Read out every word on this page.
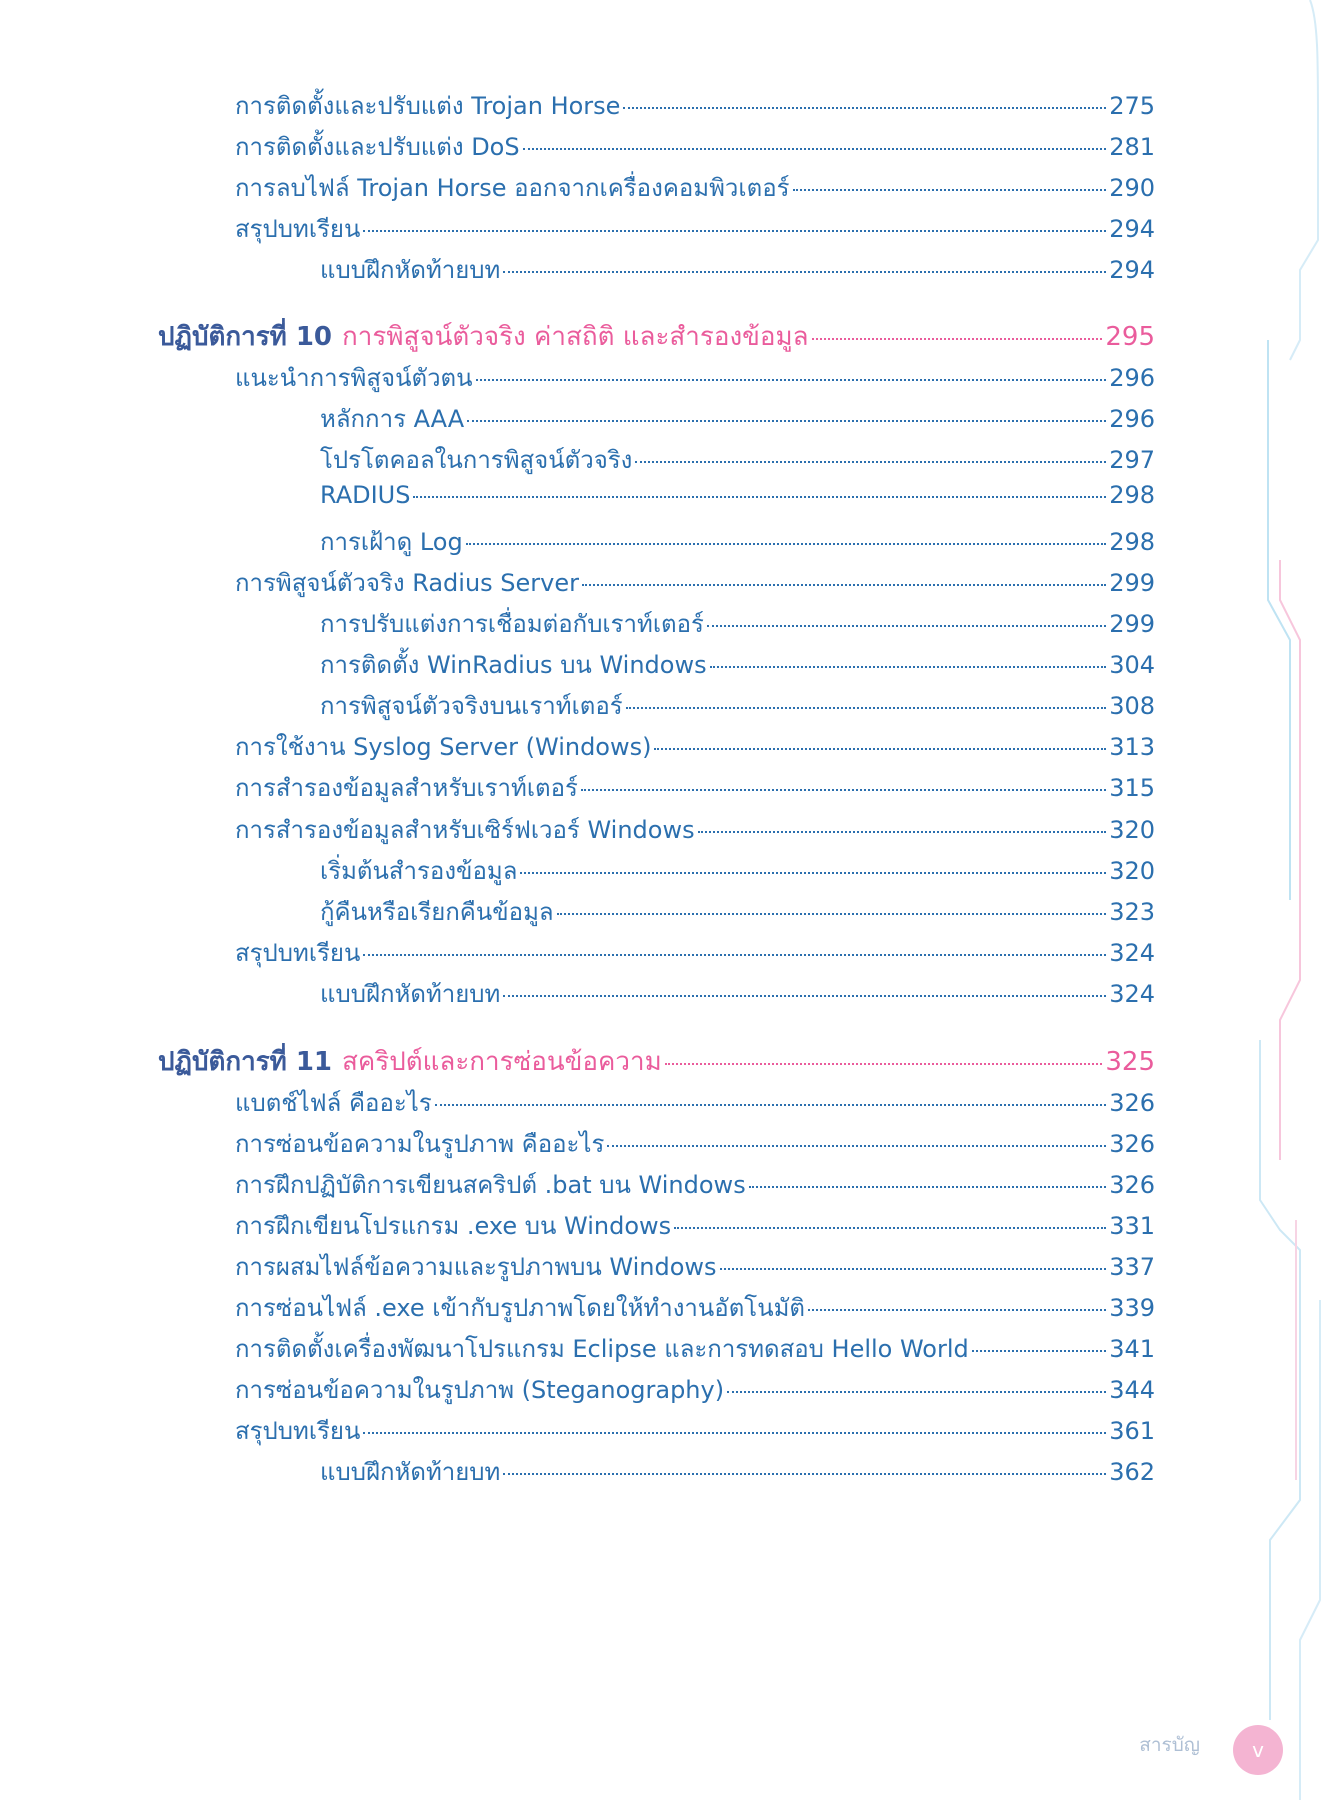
การติดตั้งและปรับแต่ง Trojan Horse	275
การติดตั้งและปรับแต่ง DoS	281
การลบไฟล์ Trojan Horse ออกจากเครื่องคอมพิวเตอร์	290
สรุปบทเรียน	294
แบบฝึกหัดท้ายบท	294
ปฏิบัติการที่ 10 การพิสูจน์ตัวจริง ค่าสถิติ และสำรองข้อมูล	295
แนะนำการพิสูจน์ตัวตน	296
หลักการ AAA	296
โปรโตคอลในการพิสูจน์ตัวจริง	297
RADIUS	298
การเฝ้าดู Log	298
การพิสูจน์ตัวจริง Radius Server	299
การปรับแต่งการเชื่อมต่อกับเราท์เตอร์	299
การติดตั้ง WinRadius บน Windows	304
การพิสูจน์ตัวจริงบนเราท์เตอร์	308
การใช้งาน Syslog Server (Windows)	313
การสำรองข้อมูลสำหรับเราท์เตอร์	315
การสำรองข้อมูลสำหรับเซิร์ฟเวอร์ Windows	320
เริ่มต้นสำรองข้อมูล	320
กู้คืนหรือเรียกคืนข้อมูล	323
สรุปบทเรียน	324
แบบฝึกหัดท้ายบท	324
ปฏิบัติการที่ 11 สคริปต์และการซ่อนข้อความ	325
แบตช์ไฟล์ คืออะไร	326
การซ่อนข้อความในรูปภาพ คืออะไร	326
การฝึกปฏิบัติการเขียนสคริปต์ .bat บน Windows	326
การฝึกเขียนโปรแกรม .exe บน Windows	331
การผสมไฟล์ข้อความและรูปภาพบน Windows	337
การซ่อนไฟล์ .exe เข้ากับรูปภาพโดยให้ทำงานอัตโนมัติ	339
การติดตั้งเครื่องพัฒนาโปรแกรม Eclipse และการทดสอบ Hello World	341
การซ่อนข้อความในรูปภาพ (Steganography)	344
สรุปบทเรียน	361
แบบฝึกหัดท้ายบท	362
สารบัญ	v
